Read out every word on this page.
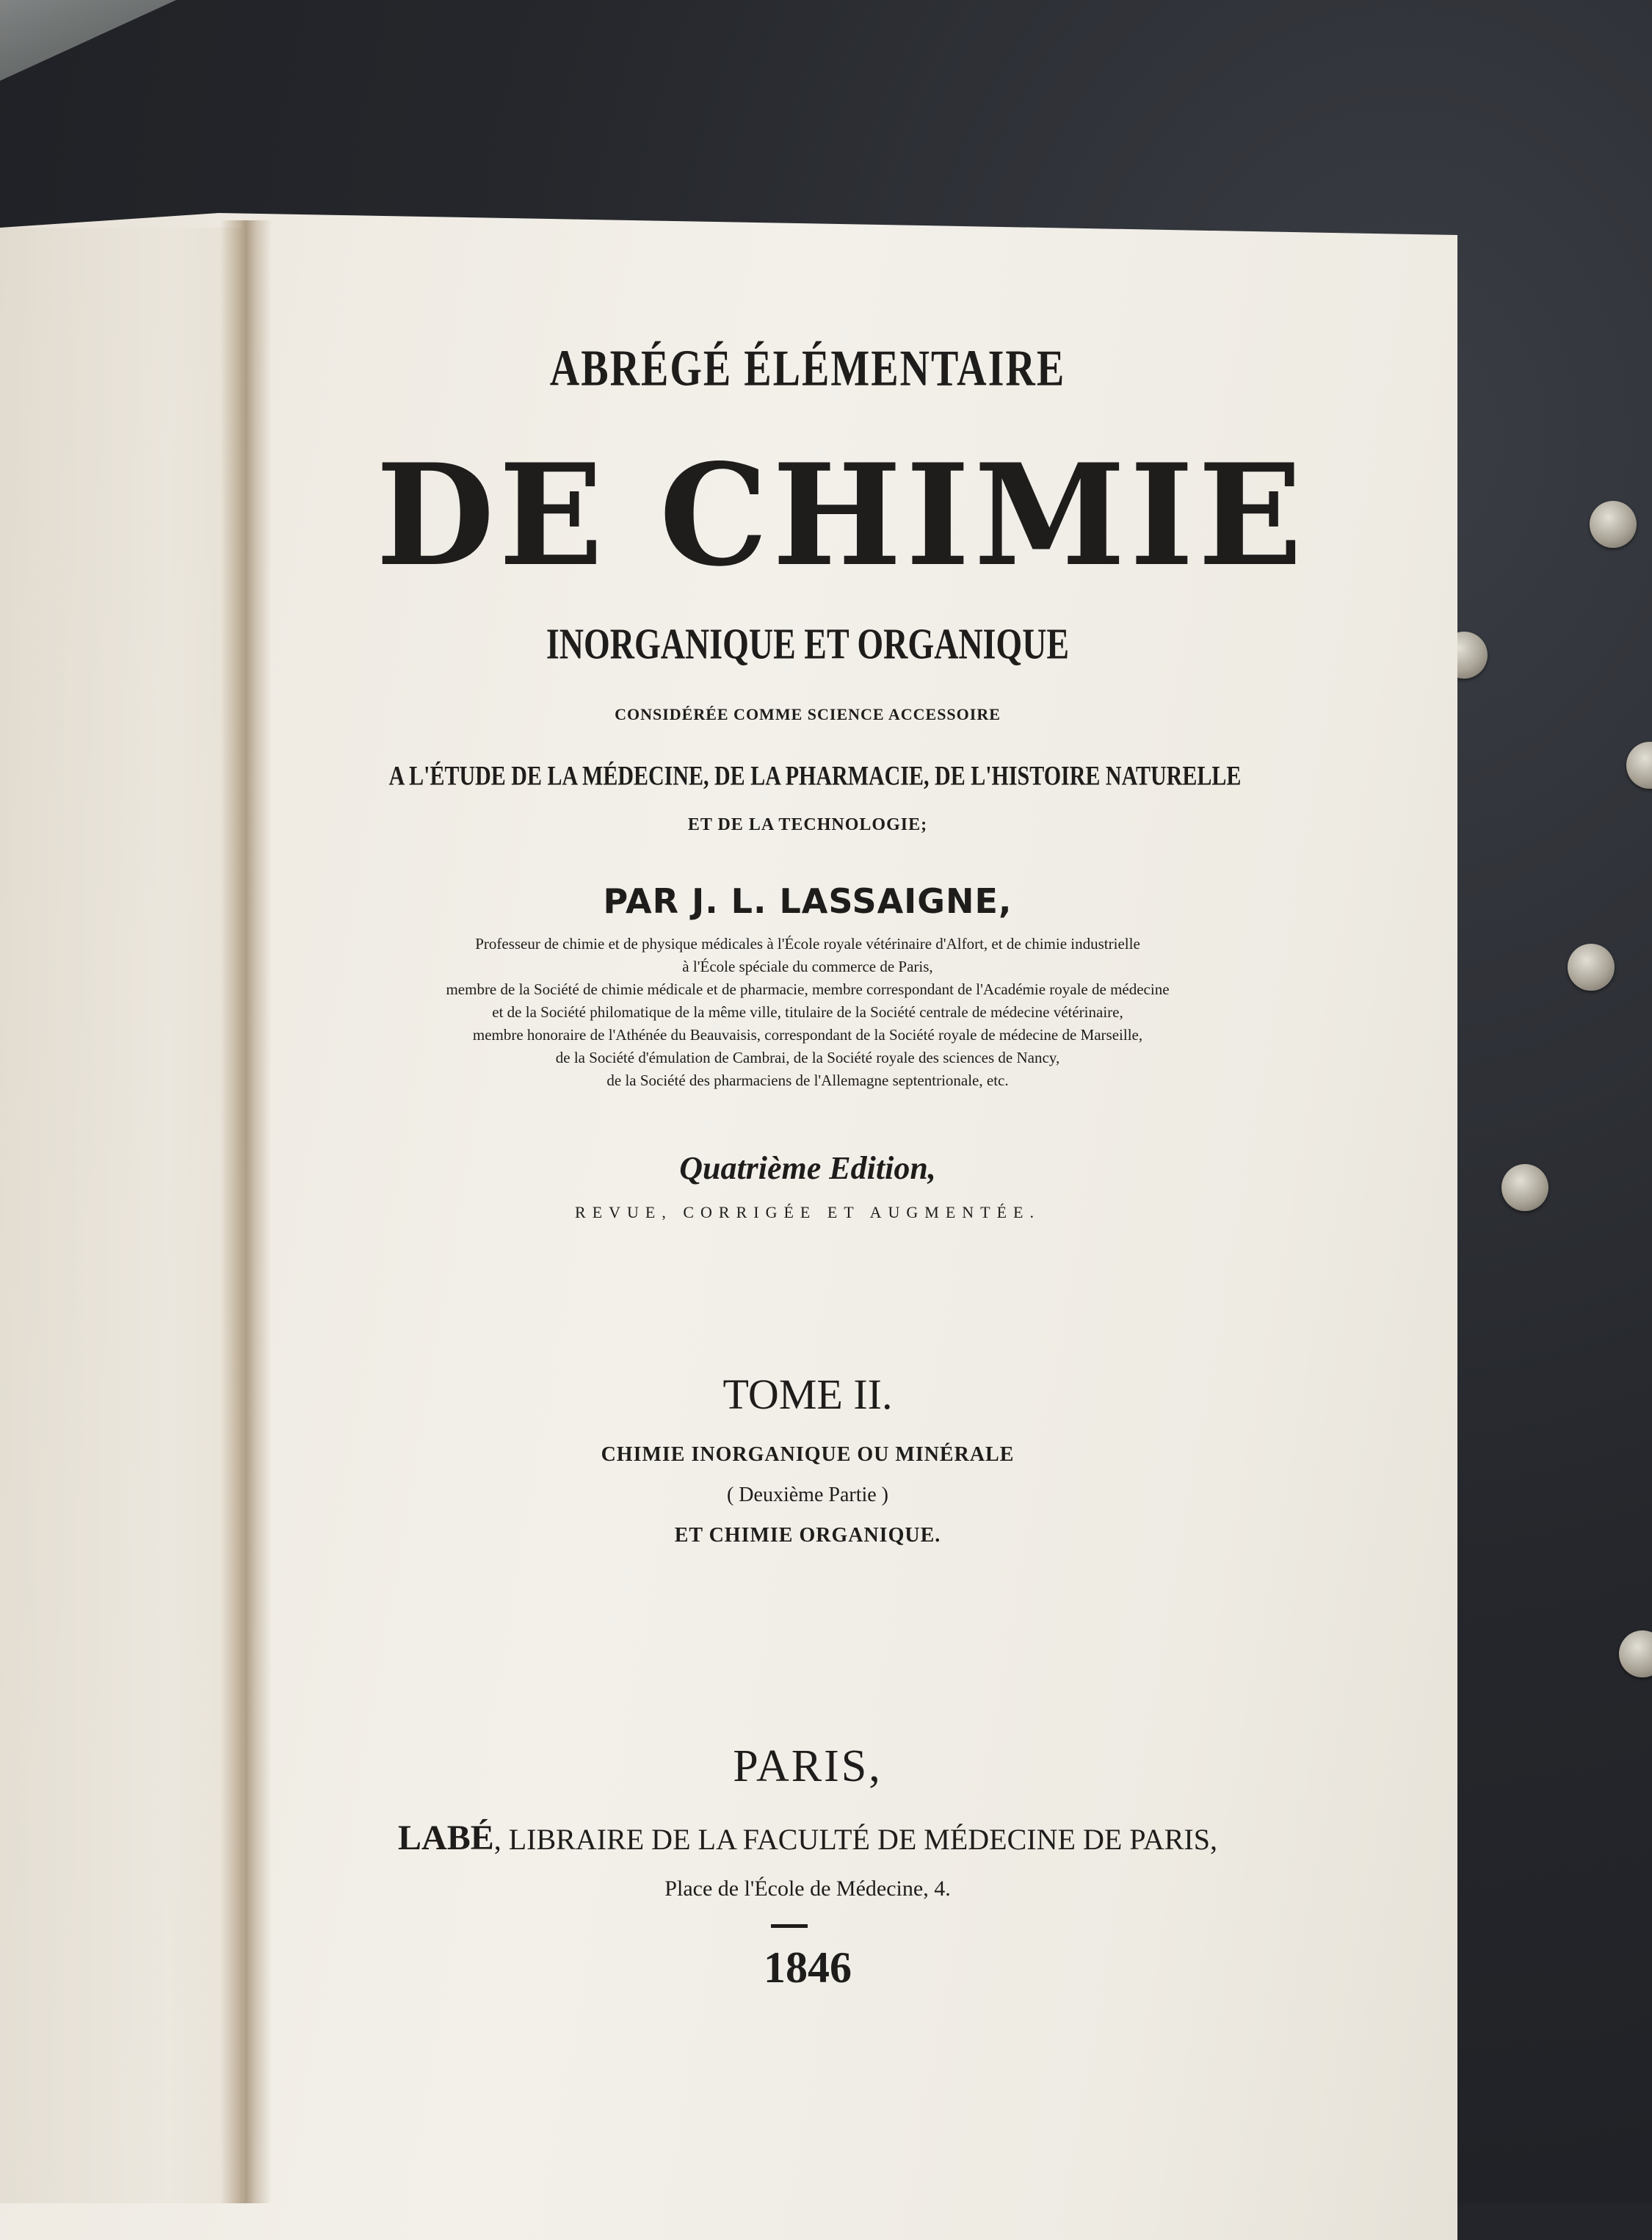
ABRÉGÉ ÉLÉMENTAIRE
DE CHIMIE
INORGANIQUE ET ORGANIQUE
CONSIDÉRÉE COMME SCIENCE ACCESSOIRE
A L'ÉTUDE DE LA MÉDECINE, DE LA PHARMACIE, DE L'HISTOIRE NATURELLE
ET DE LA TECHNOLOGIE;
PAR J. L. LASSAIGNE,
Professeur de chimie et de physique médicales à l'École royale vétérinaire d'Alfort, et de chimie industrielle
à l'École spéciale du commerce de Paris,
membre de la Société de chimie médicale et de pharmacie, membre correspondant de l'Académie royale de médecine
et de la Société philomatique de la même ville, titulaire de la Société centrale de médecine vétérinaire,
membre honoraire de l'Athénée du Beauvaisis, correspondant de la Société royale de médecine de Marseille,
de la Société d'émulation de Cambrai, de la Société royale des sciences de Nancy,
de la Société des pharmaciens de l'Allemagne septentrionale, etc.
Quatrième Edition,
REVUE, CORRIGÉE ET AUGMENTÉE.
TOME II.
CHIMIE INORGANIQUE OU MINÉRALE
( Deuxième Partie )
ET CHIMIE ORGANIQUE.
PARIS,
LABÉ, LIBRAIRE DE LA FACULTÉ DE MÉDECINE DE PARIS,
Place de l'École de Médecine, 4.
1846
